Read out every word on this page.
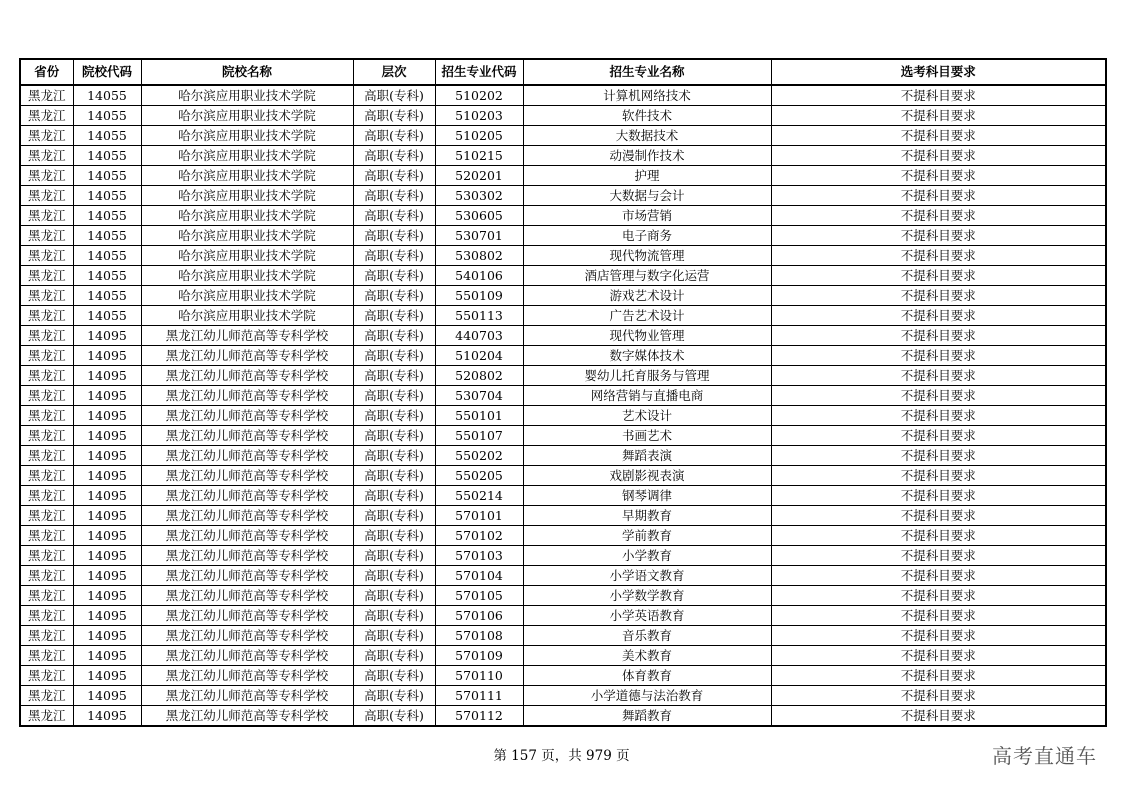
省份	院校代码	院校名称	层次	招生专业代码	招生专业名称	选考科目要求
黑龙江	14055	哈尔滨应用职业技术学院	高职(专科)	510202	计算机网络技术	不提科目要求
黑龙江	14055	哈尔滨应用职业技术学院	高职(专科)	510203	软件技术	不提科目要求
黑龙江	14055	哈尔滨应用职业技术学院	高职(专科)	510205	大数据技术	不提科目要求
黑龙江	14055	哈尔滨应用职业技术学院	高职(专科)	510215	动漫制作技术	不提科目要求
黑龙江	14055	哈尔滨应用职业技术学院	高职(专科)	520201	护理	不提科目要求
黑龙江	14055	哈尔滨应用职业技术学院	高职(专科)	530302	大数据与会计	不提科目要求
黑龙江	14055	哈尔滨应用职业技术学院	高职(专科)	530605	市场营销	不提科目要求
黑龙江	14055	哈尔滨应用职业技术学院	高职(专科)	530701	电子商务	不提科目要求
黑龙江	14055	哈尔滨应用职业技术学院	高职(专科)	530802	现代物流管理	不提科目要求
黑龙江	14055	哈尔滨应用职业技术学院	高职(专科)	540106	酒店管理与数字化运营	不提科目要求
黑龙江	14055	哈尔滨应用职业技术学院	高职(专科)	550109	游戏艺术设计	不提科目要求
黑龙江	14055	哈尔滨应用职业技术学院	高职(专科)	550113	广告艺术设计	不提科目要求
黑龙江	14095	黑龙江幼儿师范高等专科学校	高职(专科)	440703	现代物业管理	不提科目要求
黑龙江	14095	黑龙江幼儿师范高等专科学校	高职(专科)	510204	数字媒体技术	不提科目要求
黑龙江	14095	黑龙江幼儿师范高等专科学校	高职(专科)	520802	婴幼儿托育服务与管理	不提科目要求
黑龙江	14095	黑龙江幼儿师范高等专科学校	高职(专科)	530704	网络营销与直播电商	不提科目要求
黑龙江	14095	黑龙江幼儿师范高等专科学校	高职(专科)	550101	艺术设计	不提科目要求
黑龙江	14095	黑龙江幼儿师范高等专科学校	高职(专科)	550107	书画艺术	不提科目要求
黑龙江	14095	黑龙江幼儿师范高等专科学校	高职(专科)	550202	舞蹈表演	不提科目要求
黑龙江	14095	黑龙江幼儿师范高等专科学校	高职(专科)	550205	戏剧影视表演	不提科目要求
黑龙江	14095	黑龙江幼儿师范高等专科学校	高职(专科)	550214	钢琴调律	不提科目要求
黑龙江	14095	黑龙江幼儿师范高等专科学校	高职(专科)	570101	早期教育	不提科目要求
黑龙江	14095	黑龙江幼儿师范高等专科学校	高职(专科)	570102	学前教育	不提科目要求
黑龙江	14095	黑龙江幼儿师范高等专科学校	高职(专科)	570103	小学教育	不提科目要求
黑龙江	14095	黑龙江幼儿师范高等专科学校	高职(专科)	570104	小学语文教育	不提科目要求
黑龙江	14095	黑龙江幼儿师范高等专科学校	高职(专科)	570105	小学数学教育	不提科目要求
黑龙江	14095	黑龙江幼儿师范高等专科学校	高职(专科)	570106	小学英语教育	不提科目要求
黑龙江	14095	黑龙江幼儿师范高等专科学校	高职(专科)	570108	音乐教育	不提科目要求
黑龙江	14095	黑龙江幼儿师范高等专科学校	高职(专科)	570109	美术教育	不提科目要求
黑龙江	14095	黑龙江幼儿师范高等专科学校	高职(专科)	570110	体育教育	不提科目要求
黑龙江	14095	黑龙江幼儿师范高等专科学校	高职(专科)	570111	小学道德与法治教育	不提科目要求
黑龙江	14095	黑龙江幼儿师范高等专科学校	高职(专科)	570112	舞蹈教育	不提科目要求
第 157 页，共 979 页	高考直通车
